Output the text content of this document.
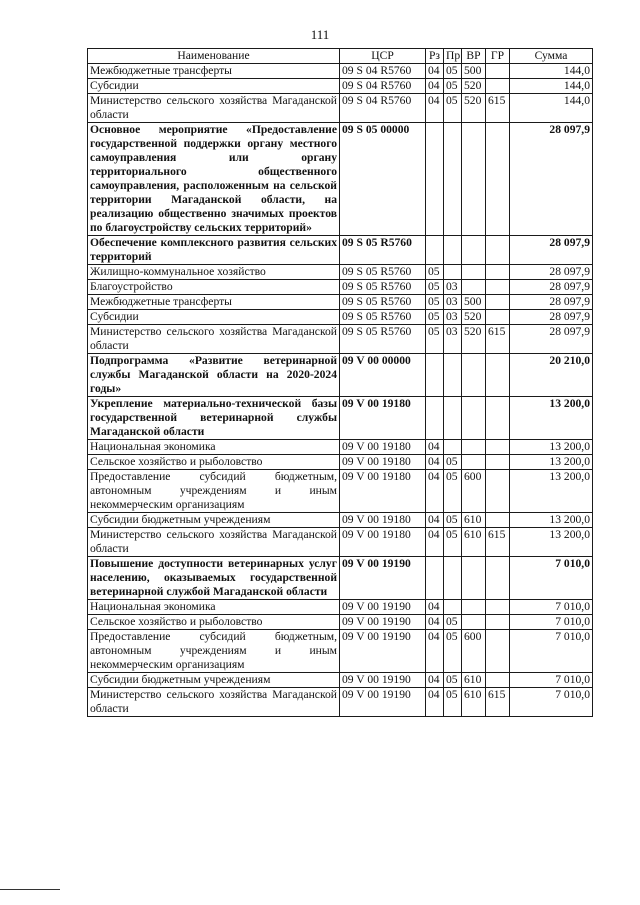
111
Наименование	ЦСР	Рз	Пр	ВР	ГР	Сумма
Межбюджетные трансферты	09 S 04 R5760	04	05	500		144,0
Субсидии	09 S 04 R5760	04	05	520		144,0
Министерство сельского хозяйства Магаданской области	09 S 04 R5760	04	05	520	615	144,0
Основное мероприятие «Предоставление государственной поддержки органу местного самоуправления или органу территориального общественного самоуправления, расположенным на сельской территории Магаданской области, на реализацию общественно значимых проектов по благоустройству сельских территорий»	09 S 05 00000					28 097,9
Обеспечение комплексного развития сельских территорий	09 S 05 R5760					28 097,9
Жилищно-коммунальное хозяйство	09 S 05 R5760	05				28 097,9
Благоустройство	09 S 05 R5760	05	03			28 097,9
Межбюджетные трансферты	09 S 05 R5760	05	03	500		28 097,9
Субсидии	09 S 05 R5760	05	03	520		28 097,9
Министерство сельского хозяйства Магаданской области	09 S 05 R5760	05	03	520	615	28 097,9
Подпрограмма «Развитие ветеринарной службы Магаданской области на 2020-2024 годы»	09 V 00 00000					20 210,0
Укрепление материально-технической базы государственной ветеринарной службы Магаданской области	09 V 00 19180					13 200,0
Национальная экономика	09 V 00 19180	04				13 200,0
Сельское хозяйство и рыболовство	09 V 00 19180	04	05			13 200,0
Предоставление субсидий бюджетным, автономным учреждениям и иным некоммерческим организациям	09 V 00 19180	04	05	600		13 200,0
Субсидии бюджетным учреждениям	09 V 00 19180	04	05	610		13 200,0
Министерство сельского хозяйства Магаданской области	09 V 00 19180	04	05	610	615	13 200,0
Повышение доступности ветеринарных услуг населению, оказываемых государственной ветеринарной службой Магаданской области	09 V 00 19190					7 010,0
Национальная экономика	09 V 00 19190	04				7 010,0
Сельское хозяйство и рыболовство	09 V 00 19190	04	05			7 010,0
Предоставление субсидий бюджетным, автономным учреждениям и иным некоммерческим организациям	09 V 00 19190	04	05	600		7 010,0
Субсидии бюджетным учреждениям	09 V 00 19190	04	05	610		7 010,0
Министерство сельского хозяйства Магаданской области	09 V 00 19190	04	05	610	615	7 010,0
